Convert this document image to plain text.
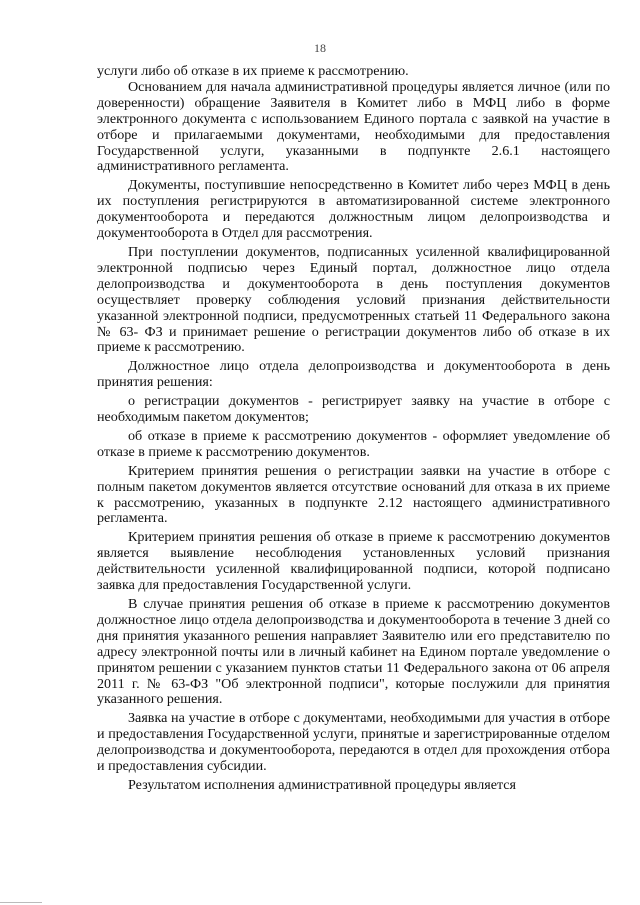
18

услуги либо об отказе в их приеме к рассмотрению.

Основанием для начала административной процедуры является личное (или по доверенности) обращение Заявителя в Комитет либо в МФЦ либо в форме электронного документа с использованием Единого портала с заявкой на участие в отборе и прилагаемыми документами, необходимыми для предоставления Государственной услуги, указанными в подпункте 2.6.1 настоящего административного регламента.

Документы, поступившие непосредственно в Комитет либо через МФЦ в день их поступления регистрируются в автоматизированной системе электронного документооборота и передаются должностным лицом делопроизводства и документооборота в Отдел для рассмотрения.

При поступлении документов, подписанных усиленной квалифицированной электронной подписью через Единый портал, должностное лицо отдела делопроизводства и документооборота в день поступления документов осуществляет проверку соблюдения условий признания действительности указанной электронной подписи, предусмотренных статьей 11 Федерального закона № 63- ФЗ и принимает решение о регистрации документов либо об отказе в их приеме к рассмотрению.

Должностное лицо отдела делопроизводства и документооборота в день принятия решения:

о регистрации документов - регистрирует заявку на участие в отборе с необходимым пакетом документов;

об отказе в приеме к рассмотрению документов - оформляет уведомление об отказе в приеме к рассмотрению документов.

Критерием принятия решения о регистрации заявки на участие в отборе с полным пакетом документов является отсутствие оснований для отказа в их приеме к рассмотрению, указанных в подпункте 2.12 настоящего административного регламента.

Критерием принятия решения об отказе в приеме к рассмотрению документов является выявление несоблюдения установленных условий признания действительности усиленной квалифицированной подписи, которой подписано заявка для предоставления Государственной услуги.

В случае принятия решения об отказе в приеме к рассмотрению документов должностное лицо отдела делопроизводства и документооборота в течение 3 дней со дня принятия указанного решения направляет Заявителю или его представителю по адресу электронной почты или в личный кабинет на Едином портале уведомление о принятом решении с указанием пунктов статьи 11 Федерального закона от 06 апреля 2011 г. № 63-ФЗ "Об электронной подписи", которые послужили для принятия указанного решения.

Заявка на участие в отборе с документами, необходимыми для участия в отборе и предоставления Государственной услуги, принятые и зарегистрированные отделом делопроизводства и документооборота, передаются в отдел для прохождения отбора и предоставления субсидии.

Результатом исполнения административной процедуры является
